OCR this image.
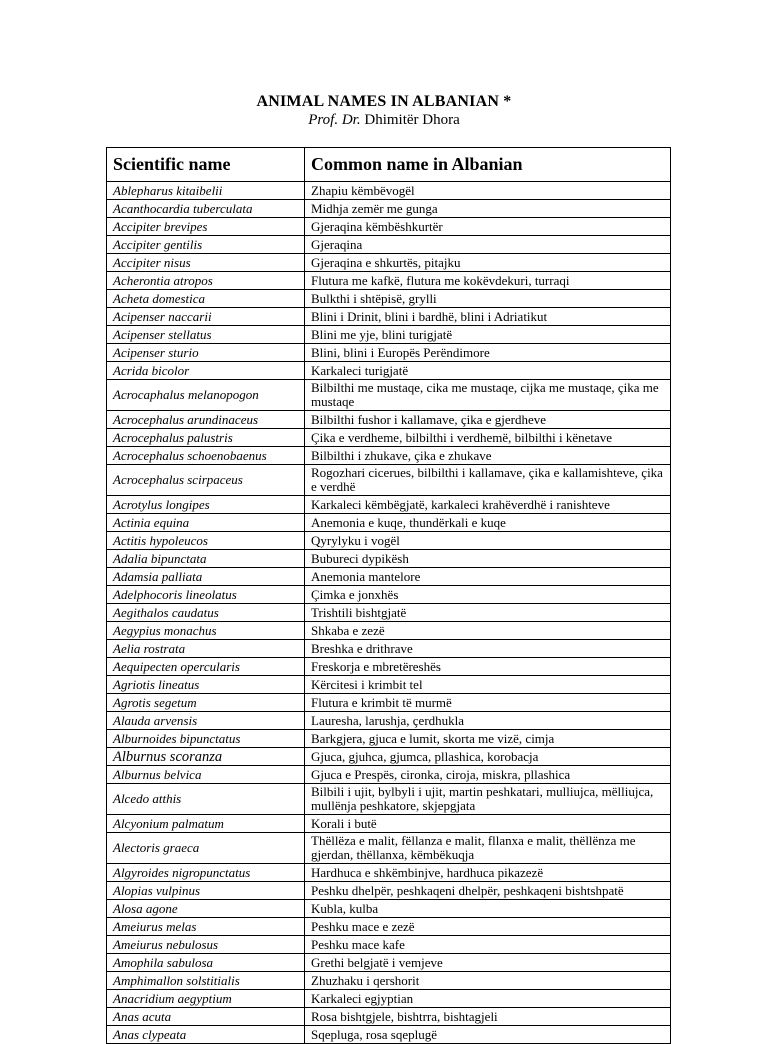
ANIMAL NAMES IN ALBANIAN *
Prof. Dr. Dhimitër Dhora
Scientific name	Common name in Albanian
Ablepharus kitaibelii	Zhapiu këmbëvogël
Acanthocardia tuberculata	Midhja zemër me gunga
Accipiter brevipes	Gjeraqina këmbëshkurtër
Accipiter gentilis	Gjeraqina
Accipiter nisus	Gjeraqina e shkurtës, pitajku
Acherontia atropos	Flutura me kafkë, flutura me kokëvdekuri, turraqi
Acheta domestica	Bulkthi i shtëpisë, grylli
Acipenser naccarii	Blini i Drinit, blini i bardhë, blini i Adriatikut
Acipenser stellatus	Blini me yje, blini turigjatë
Acipenser sturio	Blini, blini i Europës Perëndimore
Acrida bicolor	Karkaleci turigjatë
Acrocaphalus melanopogon	Bilbilthi me mustaqe, cika me mustaqe, cijka me mustaqe, çika me mustaqe
Acrocephalus arundinaceus	Bilbilthi fushor i kallamave, çika e gjerdheve
Acrocephalus palustris	Çika e verdheme, bilbilthi i verdhemë, bilbilthi i kënetave
Acrocephalus schoenobaenus	Bilbilthi i zhukave, çika e zhukave
Acrocephalus scirpaceus	Rogozhari cicerues, bilbilthi i kallamave, çika e kallamishteve, çika e verdhë
Acrotylus longipes	Karkaleci këmbëgjatë, karkaleci krahëverdhë i ranishteve
Actinia equina	Anemonia e kuqe, thundërkali e kuqe
Actitis hypoleucos	Qyrylyku i vogël
Adalia bipunctata	Bubureci dypikësh
Adamsia palliata	Anemonia mantelore
Adelphocoris lineolatus	Çimka e jonxhës
Aegithalos caudatus	Trishtili bishtgjatë
Aegypius monachus	Shkaba e zezë
Aelia rostrata	Breshka e drithrave
Aequipecten opercularis	Freskorja e mbretëreshës
Agriotis lineatus	Kërcitesi i krimbit tel
Agrotis segetum	Flutura e krimbit të murmë
Alauda arvensis	Lauresha, larushja, çerdhukla
Alburnoides bipunctatus	Barkgjera, gjuca e lumit, skorta me vizë, cimja
Alburnus scoranza	Gjuca, gjuhca, gjumca, pllashica, korobacja
Alburnus belvica	Gjuca e Prespës, cironka, ciroja, miskra, pllashica
Alcedo atthis	Bilbili i ujit, bylbyli i ujit, martin peshkatari, mulliujca, mëlliujca, mullënja peshkatore, skjepgjata
Alcyonium palmatum	Korali i butë
Alectoris graeca	Thëllëza e malit, fëllanza e malit, fllanxa e malit, thëllënza me gjerdan, thëllanxa, këmbëkuqja
Algyroides nigropunctatus	Hardhuca e shkëmbinjve, hardhuca pikazezë
Alopias vulpinus	Peshku dhelpër, peshkaqeni dhelpër, peshkaqeni bishtshpatë
Alosa agone	Kubla, kulba
Ameiurus melas	Peshku mace e zezë
Ameiurus nebulosus	Peshku mace kafe
Amophila sabulosa	Grethi belgjatë i vemjeve
Amphimallon solstitialis	Zhuzhaku i qershorit
Anacridium aegyptium	Karkaleci egjyptian
Anas acuta	Rosa bishtgjele, bishtrra, bishtagjeli
Anas clypeata	Sqepluga, rosa sqeplugë
